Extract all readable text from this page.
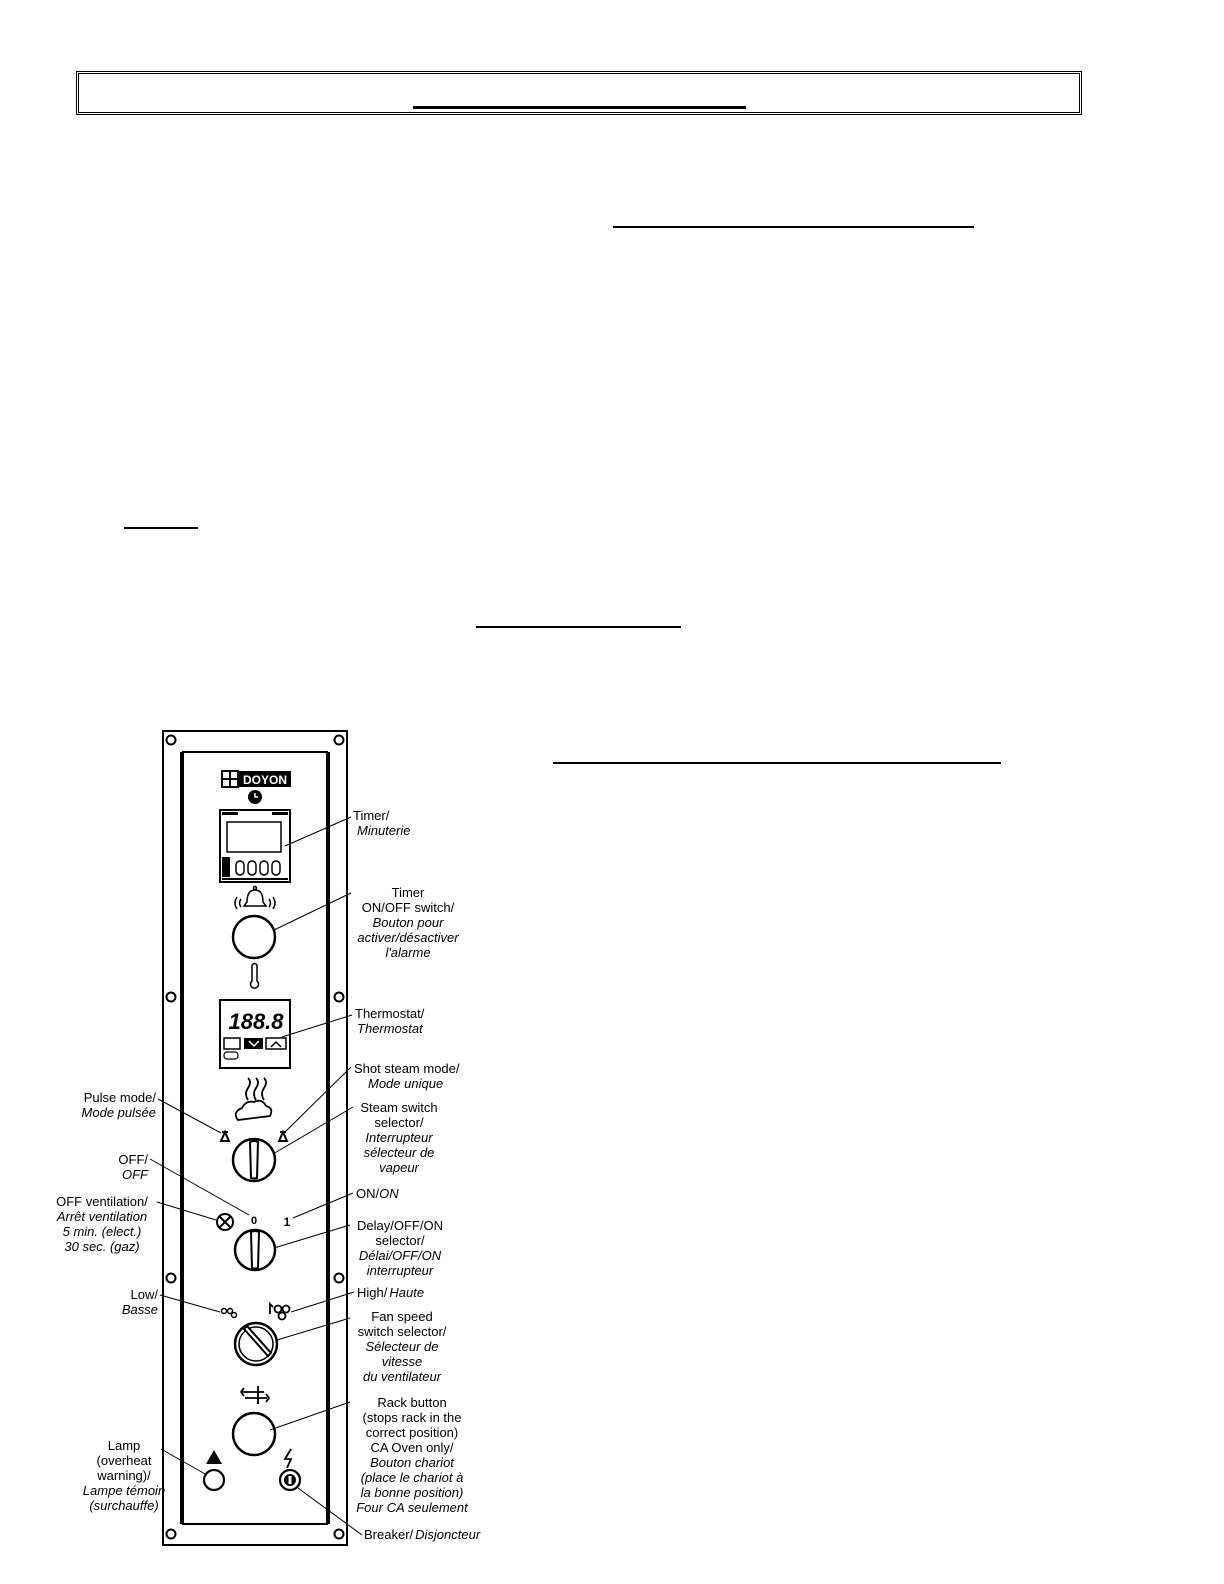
DOYON
188.8
0 1
Timer/
Minuterie
Timer
ON/OFF switch/
Bouton pour
activer/désactiver
l'alarme
Thermostat/
Thermostat
Shot steam mode/
Mode unique
Steam switch
selector/
Interrupteur
sélecteur de
vapeur
Pulse mode/
Mode pulsée
OFF/
OFF
OFF ventilation/
Arrêt ventilation
5 min. (elect.)
30 sec. (gaz)
ON/ON
Delay/OFF/ON
selector/
Délai/OFF/ON
interrupteur
Low/
Basse
High/ Haute
Fan speed
switch selector/
Sélecteur de
vitesse
du ventilateur
Rack button
(stops rack in the
correct position)
CA Oven only/
Bouton chariot
(place le chariot à
la bonne position)
Four CA seulement
Lamp
(overheat
warning)/
Lampe témoin
(surchauffe)
Breaker/ Disjoncteur
